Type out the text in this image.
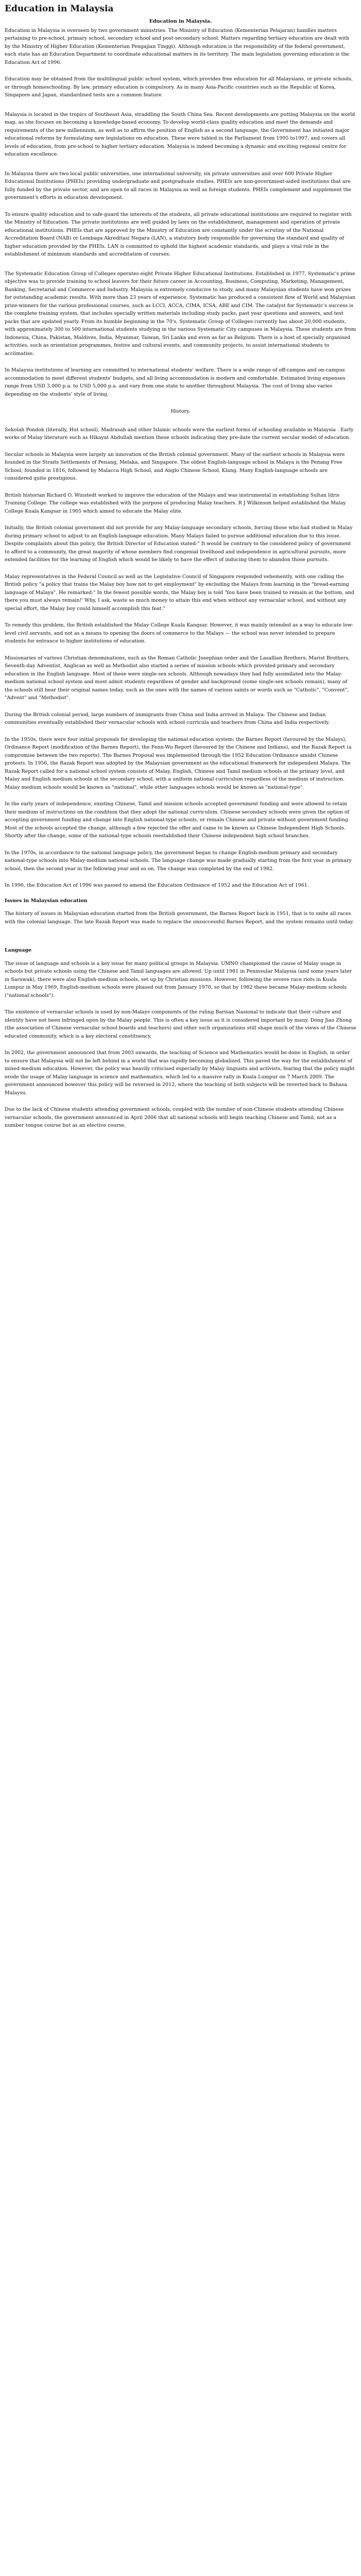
Education in Malaysia
Education in Malaysia.

Education in Malaysia is overseen by two government ministries. The Ministry of Education (Kementerian Pelajaran) handles matters pertaining to pre-school, primary school, secondary school and post-secondary school. Matters regarding tertiary education are dealt with by the Ministry of Higher Education (Kementerian Pengajian Tinggi). Although education is the responsibility of the federal government, each state has an Education Department to coordinate educational matters in its territory. The main legislation governing education is the Education Act of 1996.

Education may be obtained from the multilingual public school system, which provides free education for all Malaysians, or private schools, or through homeschooling. By law, primary education is compulsory. As in many Asia-Pacific countries such as the Republic of Korea, Singapore and Japan, standardised tests are a common feature.

Malaysia is located in the tropics of Southeast Asia, straddling the South China Sea. Recent developments are putting Malaysia on the world map, as she focuses on becoming a knowledge-based economy. To develop world-class quality education and meet the demands and requirements of the new millennium, as well as to affirm the position of English as a second language, the Government has initiated major educational reforms by formulating new legislations on education. These were tabled in the Parliament from 1995 to1997, and covers all levels of education, from pre-school to higher tertiary education. Malaysia is indeed becoming a dynamic and exciting regional centre for education excellence.

In Malaysia there are two local public universities, one international university, six private universities and over 600 Private Higher Educational Institutions (PHEIs) providing undergraduate and postgraduate studies. PHEIs are non-government-aided institutions that are fully funded by the private sector, and are open to all races in Malaysia as well as foreign students. PHEIs complement and supplement the government's efforts in education development.

To ensure quality education and to safe-guard the interests of the students, all private educational institutions are required to register with the Ministry of Education. The private institutions are well guided by laws on the establishment, management and operation of private educational institutions. PHEIs that are approved by the Ministry of Education are constantly under the scrutiny of the National Accreditation Board (NAB) or Lembaga Akreditasi Negara (LAN), a statutory body responsible for governing the standard and quality of higher education provided by the PHEIs. LAN is committed to uphold the highest academic standards, and plays a vital role in the establishment of minimum standards and accreditation of courses.

The Systematic Education Group of Colleges operates eight Private Higher Educational Institutions. Established in 1977, Systematic's prime objective was to provide training to school leavers for their future career in Accounting, Business, Computing, Marketing, Management, Banking, Secretarial and Commerce and Industry. Malaysia is extremely conducive to study, and many Malaysian students have won prizes for outstanding academic results. With more than 23 years of experience, Systematic has produced a consistent flow of World and Malaysian prize-winners for the various professional courses, such as LCCI, ACCA, CIMA, ICSA, ABE and CIM. The catalyst for Systematic's success is the complete training system, that includes specially written materials including study packs, past year questions and answers, and test packs that are updated yearly. From its humble beginning in the 70's, Systematic Group of Colleges currently has about 20,000 students, with approximately 300 to 500 international students studying in the various Systematic City campuses in Malaysia. These students are from Indonesia, China, Pakistan, Maldives, India, Myanmar, Taiwan, Sri Lanka and even as far as Belgium. There is a host of specially organised activities, such as orientation programmes, festive and cultural events, and community projects, to assist international students to acclimatise.

In Malaysia institutions of learning are committed to international students' welfare. There is a wide range of off-campus and on-campus accommodation to meet different students' budgets, and all living accommodation is modern and comfortable. Estimated living expenses range from USD 3,000 p.a. to USD 5,000 p.a. and vary from one state to another throughout Malaysia. The cost of living also varies depending on the students' style of living.

History.

Sekolah Pondok (literally, Hut school), Madrasah and other Islamic schools were the earliest forms of schooling available in Malaysia . Early works of Malay literature such as Hikayat Abdullah mention these schools indicating they pre-date the current secular model of education.

Secular schools in Malaysia were largely an innovation of the British colonial government. Many of the earliest schools in Malaysia were founded in the Straits Settlements of Penang, Melaka, and Singapore. The oldest English-language school in Malaya is the Penang Free School, founded in 1816, followed by Malacca High School, and Anglo Chinese School, Klang. Many English-language schools are considered quite prestigious.

British historian Richard O. Winstedt worked to improve the education of the Malays and was instrumental in establishing Sultan Idris Training College. The college was established with the purpose of producing Malay teachers. R J Wilkinson helped established the Malay College Kuala Kangsar in 1905 which aimed to educate the Malay elite.

Initially, the British colonial government did not provide for any Malay-language secondary schools, forcing those who had studied in Malay during primary school to adjust to an English-language education. Many Malays failed to pursue additional education due to this issue. Despite complaints about this policy, the British Director of Education stated:" It would be contrary to the considered policy of government to afford to a community, the great majority of whose members find congenial livelihood and independence in agricultural pursuits, more extended facilities for the learning of English which would be likely to have the effect of inducing them to abandon those pursuits.

Malay representatives in the Federal Council as well as the Legislative Council of Singapore responded vehemently, with one calling the British policy "a policy that trains the Malay boy how not to get employment" by excluding the Malays from learning in the "bread-earning language of Malaya". He remarked:" In the fewest possible words, the Malay boy is told 'You have been trained to remain at the bottom, and there you must always remain!' Why, I ask, waste so much money to attain this end when without any vernacular school, and without any special effort, the Malay boy could himself accomplish this feat."

To remedy this problem, the British established the Malay College Kuala Kangsar. However, it was mainly intended as a way to educate low-level civil servants, and not as a means to opening the doors of commerce to the Malays — the school was never intended to prepare students for entrance to higher institutions of education.

Missionaries of various Christian denominations, such as the Roman Catholic Josephian order and the Lasallian Brothers, Marist Brothers, Seventh-day Adventist, Anglican as well as Methodist also started a series of mission schools which provided primary and secondary education in the English language. Most of these were single-sex schools. Although nowadays they had fully assimilated into the Malay-medium national school system and most admit students regardless of gender and background (some single-sex schools remain), many of the schools still bear their original names today, such as the ones with the names of various saints or words such as "Catholic", "Convent", "Advent" and "Methodist".

During the British colonial period, large numbers of immigrants from China and India arrived in Malaya. The Chinese and Indian communities eventually established their vernacular schools with school curricula and teachers from China and India respectively.

In the 1950s, there were four initial proposals for developing the national education system: the Barnes Report (favoured by the Malays), Ordinance Report (modification of the Barnes Report), the Fenn-Wu Report (favoured by the Chinese and Indians), and the Razak Report (a compromise between the two reports). The Barnes Proposal was implemented through the 1952 Education Ordinance amidst Chinese protests. In 1956, the Razak Report was adopted by the Malaysian government as the educational framework for independent Malaya. The Razak Report called for a national school system consists of Malay, English, Chinese and Tamil medium schools at the primary level, and Malay and English medium schools at the secondary school, with a uniform national curriculum regardless of the medium of instruction. Malay medium schools would be known as "national", while other languages schools would be known as "national-type".

In the early years of independence, existing Chinese, Tamil and mission schools accepted government funding and were allowed to retain their medium of instructions on the condition that they adopt the national curriculum. Chinese secondary schools were given the option of accepting government funding and change into English national-type schools, or remain Chinese and private without government funding. Most of the schools accepted the change, although a few rejected the offer and came to be known as Chinese Independent High Schools. Shortly after the change, some of the national-type schools reestablished their Chinese independent high school branches.

In the 1970s, in accordance to the national language policy, the government began to change English-medium primary and secondary national-type schools into Malay-medium national schools. The language change was made gradually starting from the first year in primary school, then the second year in the following year and so on. The change was completed by the end of 1982.

In 1996, the Education Act of 1996 was passed to amend the Education Ordinance of 1952 and the Education Act of 1961.

Issues in Malaysian education

The history of issues in Malaysian education started from the British government, the Barnes Report back in 1951, that is to unite all races with the colonial language. The late Razak Report was made to replace the unsuccessful Barnes Report, and the system remains until today.

Language

The issue of language and schools is a key issue for many political groups in Malaysia. UMNO championed the cause of Malay usage in schools but private schools using the Chinese and Tamil languages are allowed. Up until 1981 in Peninsular Malaysia (and some years later in Sarawak), there were also English-medium schools, set up by Christian missions. However, following the severe race riots in Kuala Lumpur in May 1969, English-medium schools were phased out from January 1970, so that by 1982 these became Malay-medium schools ("national schools").

The existence of vernacular schools is used by non-Malays components of the ruling Barisan Nasional to indicate that their culture and identity have not been infringed upon by the Malay people. This is often a key issue as it is considered important by many. Dong Jiao Zhong (the association of Chinese vernacular school boards and teachers) and other such organizations still shape much of the views of the Chinese educated community, which is a key electoral constituency.

In 2002, the government announced that from 2003 onwards, the teaching of Science and Mathematics would be done in English, in order to ensure that Malaysia will not be left behind in a world that was rapidly becoming globalized. This paved the way for the establishment of mixed-medium education. However, the policy was heavily criticised especially by Malay linguists and activists, fearing that the policy might erode the usage of Malay language in science and mathematics, which led to a massive rally in Kuala Lumpur on 7 March 2009. The government announced however this policy will be reversed in 2012, where the teaching of both subjects will be reverted back to Bahasa Malaysu.

Due to the lack of Chinese students attending government schools, coupled with the number of non-Chinese students attending Chinese vernacular schools, the government announced in April 2006 that all national schools will begin teaching Chinese and Tamil, not as a number tongue course but as an elective course.
